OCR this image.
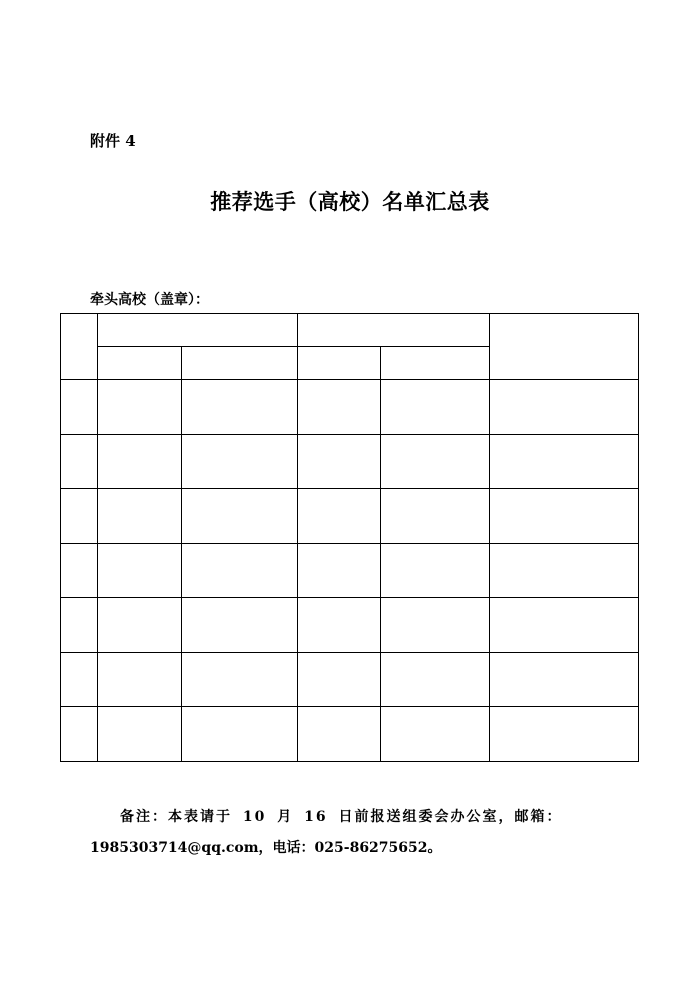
附件 4
推荐选手（高校）名单汇总表
牵头高校（盖章）：

备注：本表请于 10 月 16 日前报送组委会办公室，邮箱：
1985303714@qq.com，电话：025-86275652。
